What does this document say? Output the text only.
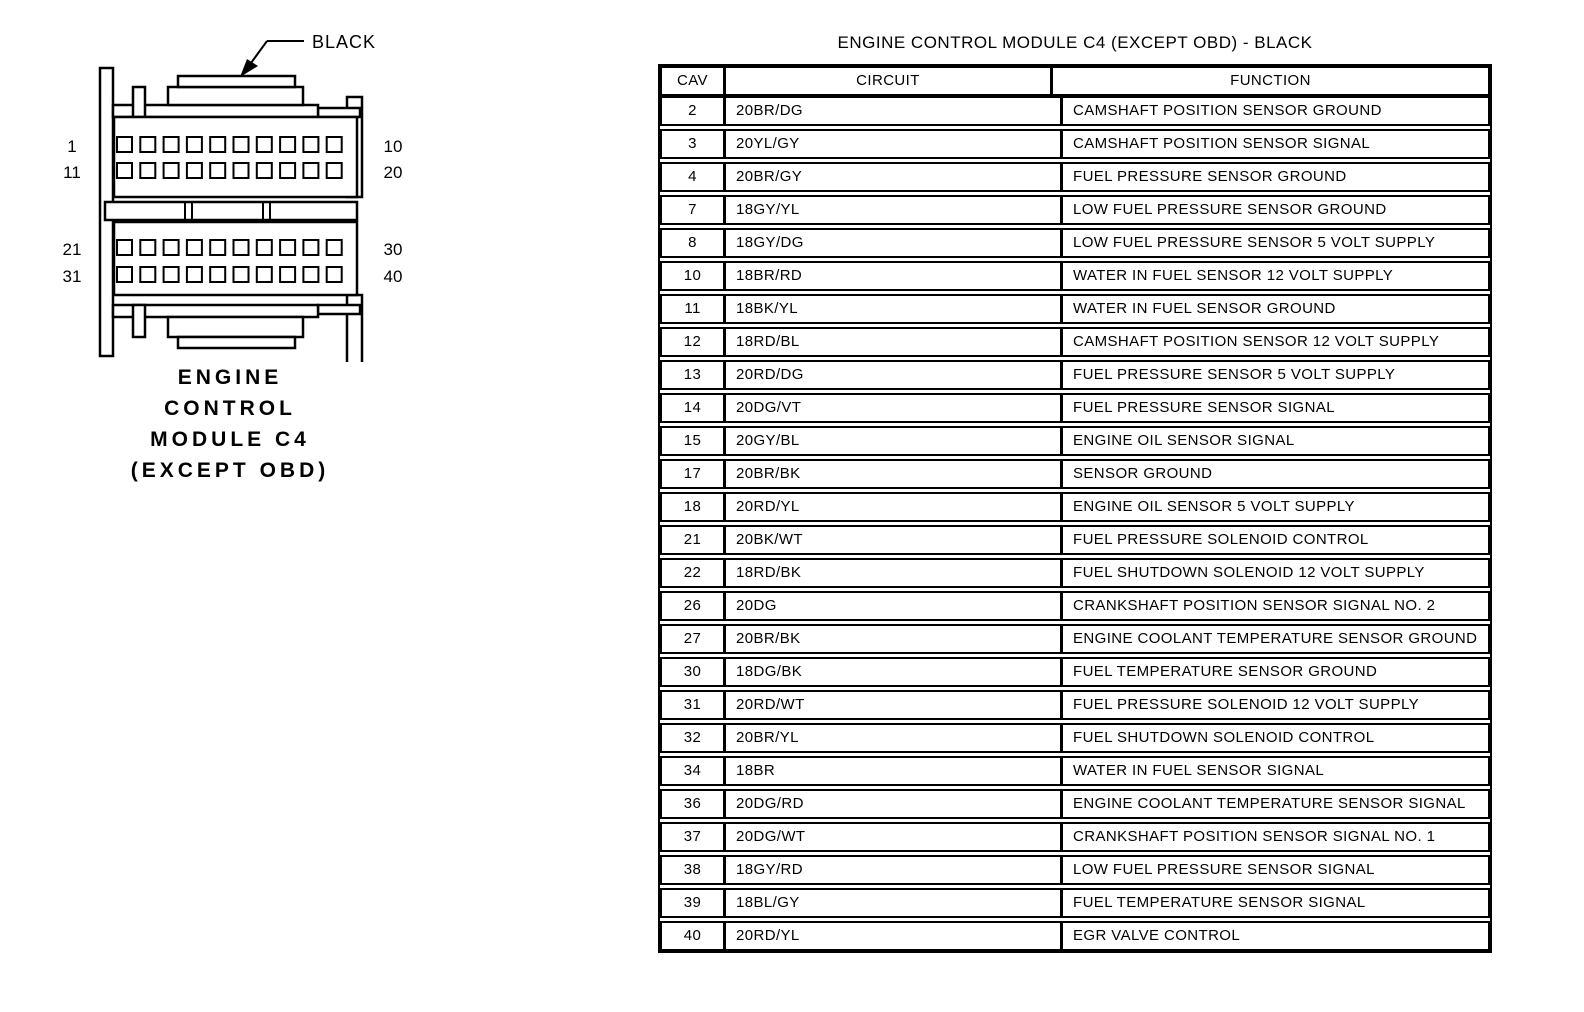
BLACK
1
11
21
31
10
20
30
40
ENGINE
CONTROL
MODULE C4
(EXCEPT OBD)
ENGINE CONTROL MODULE C4 (EXCEPT OBD) - BLACK
CAV	CIRCUIT	FUNCTION
2	20BR/DG	CAMSHAFT POSITION SENSOR GROUND
3	20YL/GY	CAMSHAFT POSITION SENSOR SIGNAL
4	20BR/GY	FUEL PRESSURE SENSOR GROUND
7	18GY/YL	LOW FUEL PRESSURE SENSOR GROUND
8	18GY/DG	LOW FUEL PRESSURE SENSOR 5 VOLT SUPPLY
10	18BR/RD	WATER IN FUEL SENSOR 12 VOLT SUPPLY
11	18BK/YL	WATER IN FUEL SENSOR GROUND
12	18RD/BL	CAMSHAFT POSITION SENSOR 12 VOLT SUPPLY
13	20RD/DG	FUEL PRESSURE SENSOR 5 VOLT SUPPLY
14	20DG/VT	FUEL PRESSURE SENSOR SIGNAL
15	20GY/BL	ENGINE OIL SENSOR SIGNAL
17	20BR/BK	SENSOR GROUND
18	20RD/YL	ENGINE OIL SENSOR 5 VOLT SUPPLY
21	20BK/WT	FUEL PRESSURE SOLENOID CONTROL
22	18RD/BK	FUEL SHUTDOWN SOLENOID 12 VOLT SUPPLY
26	20DG	CRANKSHAFT POSITION SENSOR SIGNAL NO. 2
27	20BR/BK	ENGINE COOLANT TEMPERATURE SENSOR GROUND
30	18DG/BK	FUEL TEMPERATURE SENSOR GROUND
31	20RD/WT	FUEL PRESSURE SOLENOID 12 VOLT SUPPLY
32	20BR/YL	FUEL SHUTDOWN SOLENOID CONTROL
34	18BR	WATER IN FUEL SENSOR SIGNAL
36	20DG/RD	ENGINE COOLANT TEMPERATURE SENSOR SIGNAL
37	20DG/WT	CRANKSHAFT POSITION SENSOR SIGNAL NO. 1
38	18GY/RD	LOW FUEL PRESSURE SENSOR SIGNAL
39	18BL/GY	FUEL TEMPERATURE SENSOR SIGNAL
40	20RD/YL	EGR VALVE CONTROL
